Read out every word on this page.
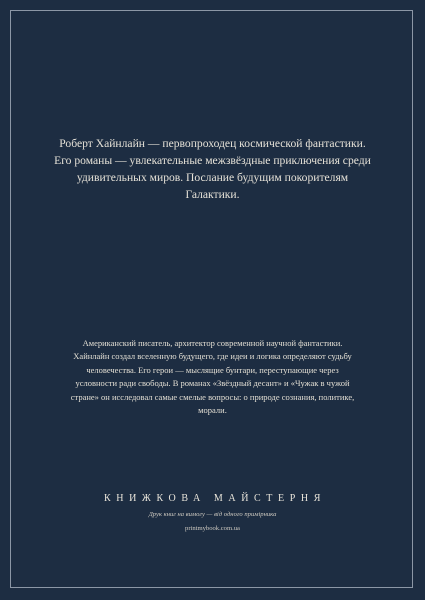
Роберт Хайнлайн — первопроходец космической фантастики.
Его романы — увлекательные межзвёздные приключения среди
удивительных миров. Послание будущим покорителям
Галактики.
Американский писатель, архитектор современной научной фантастики.
Хайнлайн создал вселенную будущего, где идеи и логика определяют судьбу
человечества. Его герои — мыслящие бунтари, переступающие через
условности ради свободы. В романах «Звёздный десант» и «Чужак в чужой
стране» он исследовал самые смелые вопросы: о природе сознания, политике,
морали.
КНИЖКОВА МАЙСТЕРНЯ
Друк книг на вимогу — від одного примірника
printmybook.com.ua
